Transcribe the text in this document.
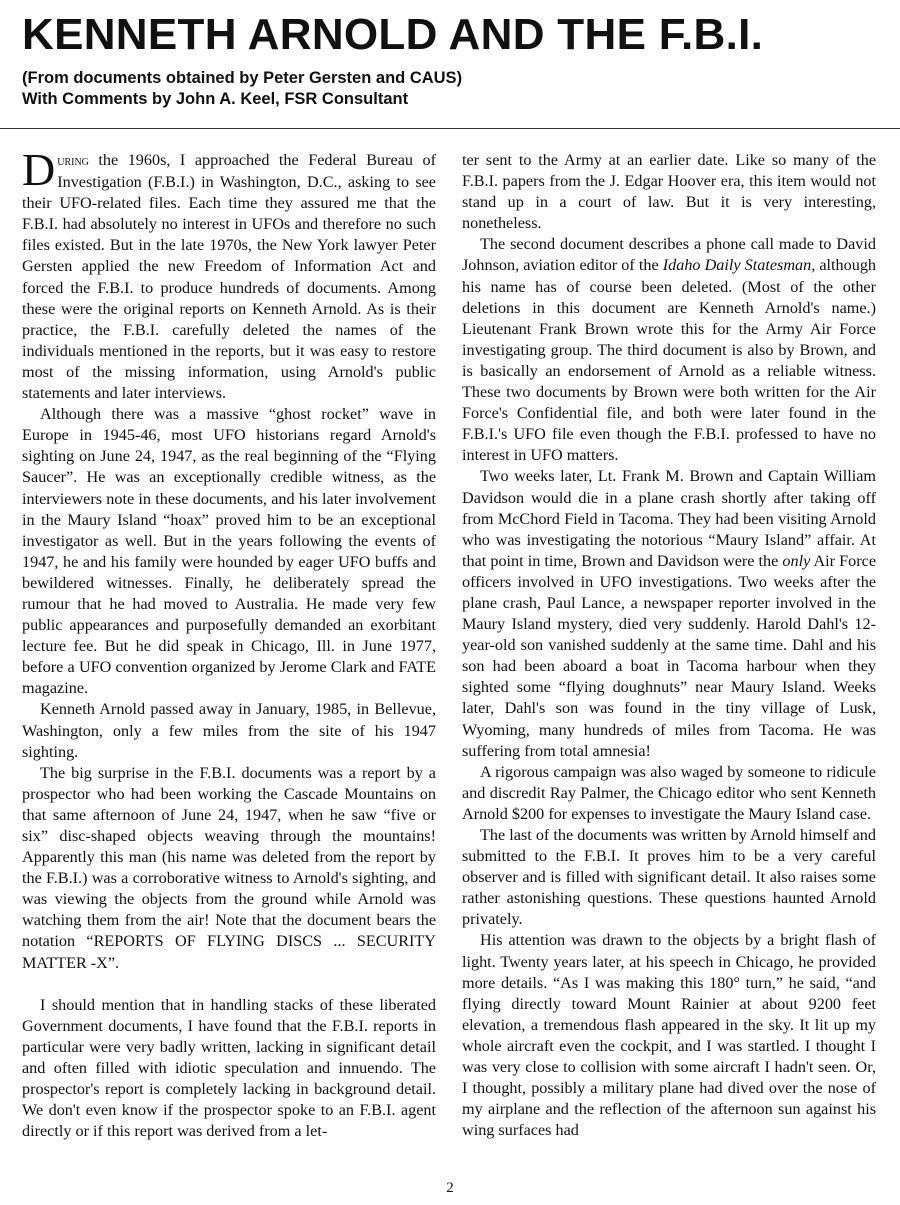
KENNETH ARNOLD AND THE F.B.I.

(From documents obtained by Peter Gersten and CAUS)

With Comments by John A. Keel, FSR Consultant

During the 1960s, I approached the Federal Bureau of Investigation (F.B.I.) in Washington, D.C., asking to see their UFO-related files. Each time they assured me that the F.B.I. had absolutely no interest in UFOs and therefore no such files existed. But in the late 1970s, the New York lawyer Peter Gersten applied the new Freedom of Information Act and forced the F.B.I. to produce hundreds of documents. Among these were the original reports on Kenneth Arnold. As is their practice, the F.B.I. carefully deleted the names of the individuals mentioned in the reports, but it was easy to restore most of the missing information, using Arnold's public statements and later interviews.

Although there was a massive “ghost rocket” wave in Europe in 1945-46, most UFO historians regard Arnold's sighting on June 24, 1947, as the real beginning of the “Flying Saucer”. He was an exceptionally credible witness, as the interviewers note in these documents, and his later involvement in the Maury Island “hoax” proved him to be an exceptional investigator as well. But in the years following the events of 1947, he and his family were hounded by eager UFO buffs and bewildered witnesses. Finally, he deliberately spread the rumour that he had moved to Australia. He made very few public appearances and purposefully demanded an exorbitant lecture fee. But he did speak in Chicago, Ill. in June 1977, before a UFO convention organized by Jerome Clark and FATE magazine.

Kenneth Arnold passed away in January, 1985, in Bellevue, Washington, only a few miles from the site of his 1947 sighting.

The big surprise in the F.B.I. documents was a report by a prospector who had been working the Cascade Mountains on that same afternoon of June 24, 1947, when he saw “five or six” disc-shaped objects weaving through the mountains! Apparently this man (his name was deleted from the report by the F.B.I.) was a corroborative witness to Arnold's sighting, and was viewing the objects from the ground while Arnold was watching them from the air! Note that the document bears the notation “REPORTS OF FLYING DISCS ... SECURITY MATTER -X”.

I should mention that in handling stacks of these liberated Government documents, I have found that the F.B.I. reports in particular were very badly written, lacking in significant detail and often filled with idiotic speculation and innuendo. The prospector's report is completely lacking in background detail. We don't even know if the prospector spoke to an F.B.I. agent directly or if this report was derived from a let-

ter sent to the Army at an earlier date. Like so many of the F.B.I. papers from the J. Edgar Hoover era, this item would not stand up in a court of law. But it is very interesting, nonetheless.

The second document describes a phone call made to David Johnson, aviation editor of the Idaho Daily Statesman, although his name has of course been deleted. (Most of the other deletions in this document are Kenneth Arnold's name.) Lieutenant Frank Brown wrote this for the Army Air Force investigating group. The third document is also by Brown, and is basically an endorsement of Arnold as a reliable witness. These two documents by Brown were both written for the Air Force's Confidential file, and both were later found in the F.B.I.'s UFO file even though the F.B.I. professed to have no interest in UFO matters.

Two weeks later, Lt. Frank M. Brown and Captain William Davidson would die in a plane crash shortly after taking off from McChord Field in Tacoma. They had been visiting Arnold who was investigating the notorious “Maury Island” affair. At that point in time, Brown and Davidson were the only Air Force officers involved in UFO investigations. Two weeks after the plane crash, Paul Lance, a newspaper reporter involved in the Maury Island mystery, died very suddenly. Harold Dahl's 12-year-old son vanished suddenly at the same time. Dahl and his son had been aboard a boat in Tacoma harbour when they sighted some “flying doughnuts” near Maury Island. Weeks later, Dahl's son was found in the tiny village of Lusk, Wyoming, many hundreds of miles from Tacoma. He was suffering from total amnesia!

A rigorous campaign was also waged by someone to ridicule and discredit Ray Palmer, the Chicago editor who sent Kenneth Arnold $200 for expenses to investigate the Maury Island case.

The last of the documents was written by Arnold himself and submitted to the F.B.I. It proves him to be a very careful observer and is filled with significant detail. It also raises some rather astonishing questions. These questions haunted Arnold privately.

His attention was drawn to the objects by a bright flash of light. Twenty years later, at his speech in Chicago, he provided more details. “As I was making this 180° turn,” he said, “and flying directly toward Mount Rainier at about 9200 feet elevation, a tremendous flash appeared in the sky. It lit up my whole aircraft even the cockpit, and I was startled. I thought I was very close to collision with some aircraft I hadn't seen. Or, I thought, possibly a military plane had dived over the nose of my airplane and the reflection of the afternoon sun against his wing surfaces had

2
